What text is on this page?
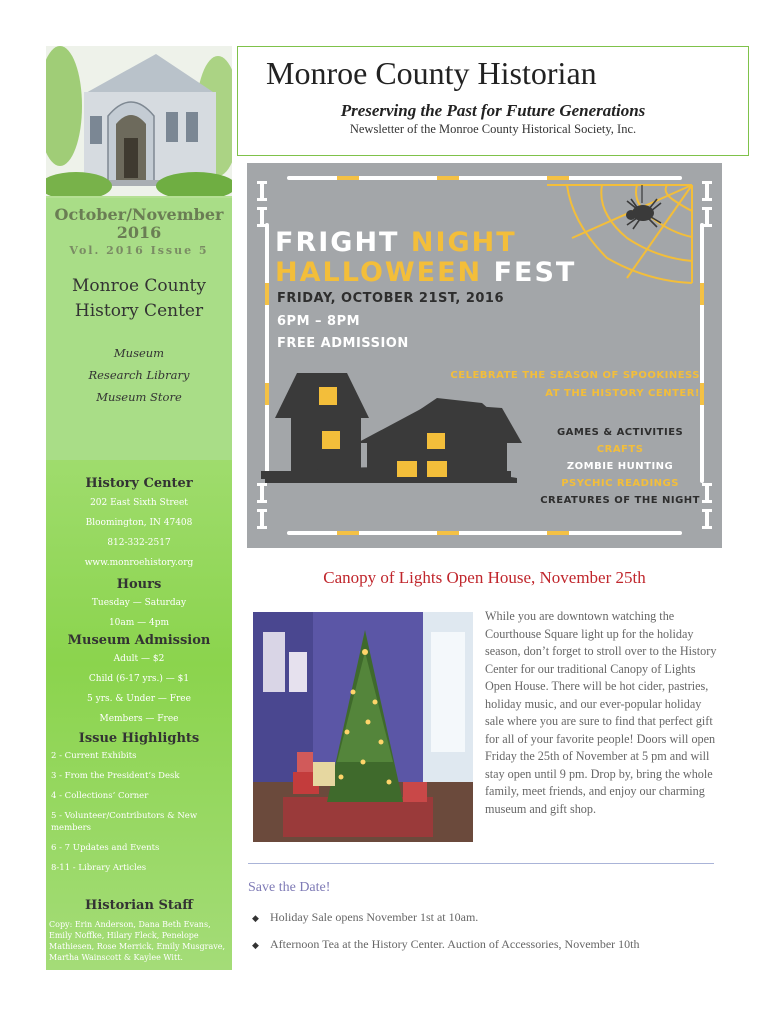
October/November 2016
Vol. 2016 Issue 5
Monroe County
History Center
Museum
Research Library
Museum Store
History Center
202 East Sixth Street
Bloomington, IN 47408
812-332-2517
www.monroehistory.org
Hours
Tuesday — Saturday
10am — 4pm
Museum Admission
Adult — $2
Child (6-17 yrs.) — $1
5 yrs. & Under — Free
Members — Free
Issue Highlights
2 - Current Exhibits
3 - From the President’s Desk
4 - Collections’ Corner
5 - Volunteer/Contributors & New members
6 - 7 Updates and Events
8-11 - Library Articles
Historian Staff
Copy: Erin Anderson, Dana Beth Evans, Emily Noffke, Hilary Fleck, Penelope Mathiesen, Rose Merrick, Emily Musgrave, Martha Wainscott & Kaylee Witt.
Monroe County Historian
Preserving the Past for Future Generations
Newsletter of the Monroe County Historical Society, Inc.
FRIGHT NIGHT
HALLOWEEN FEST
FRIDAY, OCTOBER 21ST, 2016
6PM – 8PM
FREE ADMISSION
CELEBRATE THE SEASON OF SPOOKINESS
AT THE HISTORY CENTER!
GAMES & ACTIVITIES
CRAFTS
ZOMBIE HUNTING
PSYCHIC READINGS
CREATURES OF THE NIGHT
Canopy of Lights Open House, November 25th

While you are downtown watching the Courthouse Square light up for the holiday season, don’t forget to stroll over to the History Center for our traditional Canopy of Lights Open House. There will be hot cider, pastries, holiday music, and our ever-popular holiday sale where you are sure to find that perfect gift for all of your favorite people! Doors will open Friday the 25th of November at 5 pm and will stay open until 9 pm. Drop by, bring the whole family, meet friends, and enjoy our charming museum and gift shop.

Save the Date!
◆ Holiday Sale opens November 1st at 10am.
◆ Afternoon Tea at the History Center. Auction of Accessories, November 10th
